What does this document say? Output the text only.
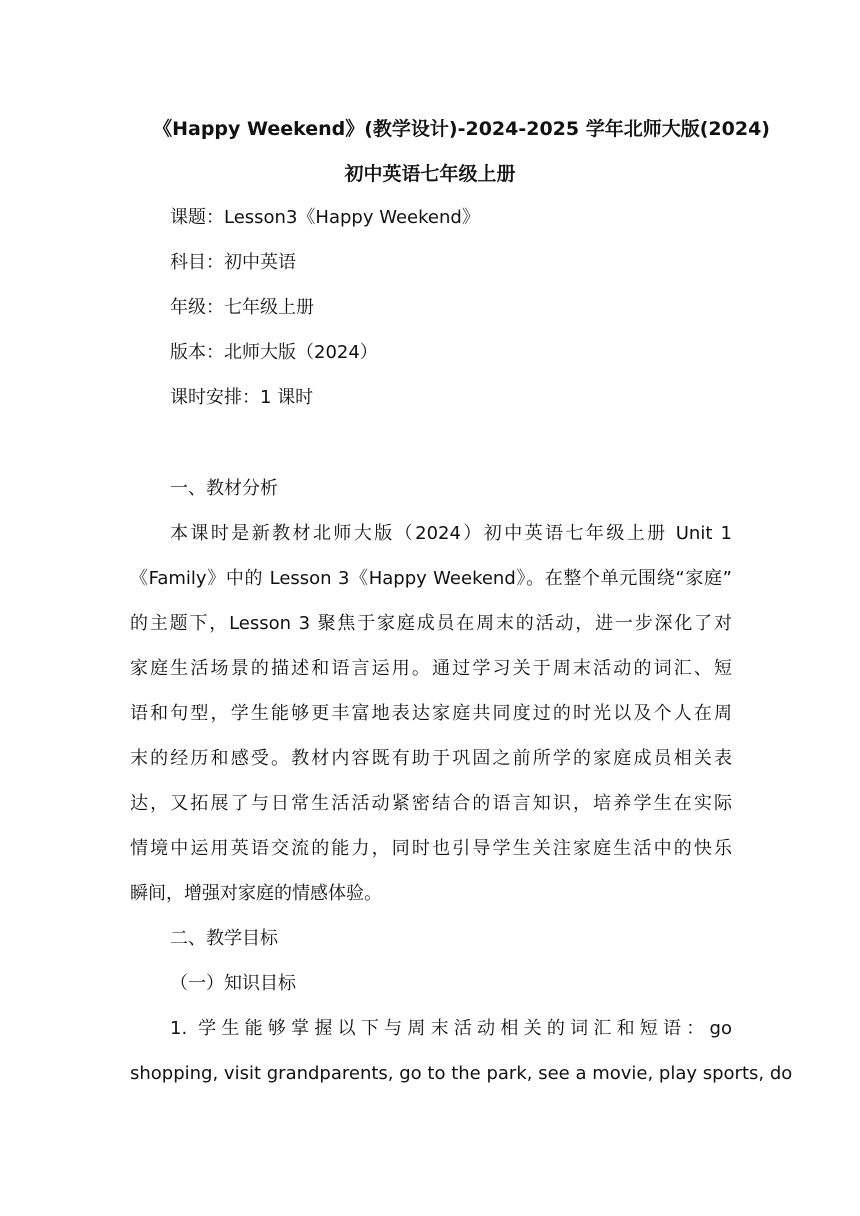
《Happy Weekend》(教学设计)-2024-2025 学年北师大版(2024)
初中英语七年级上册
课题：Lesson3《Happy Weekend》
科目：初中英语
年级：七年级上册
版本：北师大版（2024）
课时安排：1 课时
一、教材分析
本课时是新教材北师大版（2024）初中英语七年级上册 Unit 1
《Family》中的 Lesson 3《Happy Weekend》。在整个单元围绕“家庭”
的主题下，Lesson 3 聚焦于家庭成员在周末的活动，进一步深化了对
家庭生活场景的描述和语言运用。通过学习关于周末活动的词汇、短
语和句型，学生能够更丰富地表达家庭共同度过的时光以及个人在周
末的经历和感受。教材内容既有助于巩固之前所学的家庭成员相关表
达，又拓展了与日常生活活动紧密结合的语言知识，培养学生在实际
情境中运用英语交流的能力，同时也引导学生关注家庭生活中的快乐
瞬间，增强对家庭的情感体验。
二、教学目标
（一）知识目标
1. 学生能够掌握以下与周末活动相关的词汇和短语：go
shopping, visit grandparents, go to the park, see a movie, play sports, do
